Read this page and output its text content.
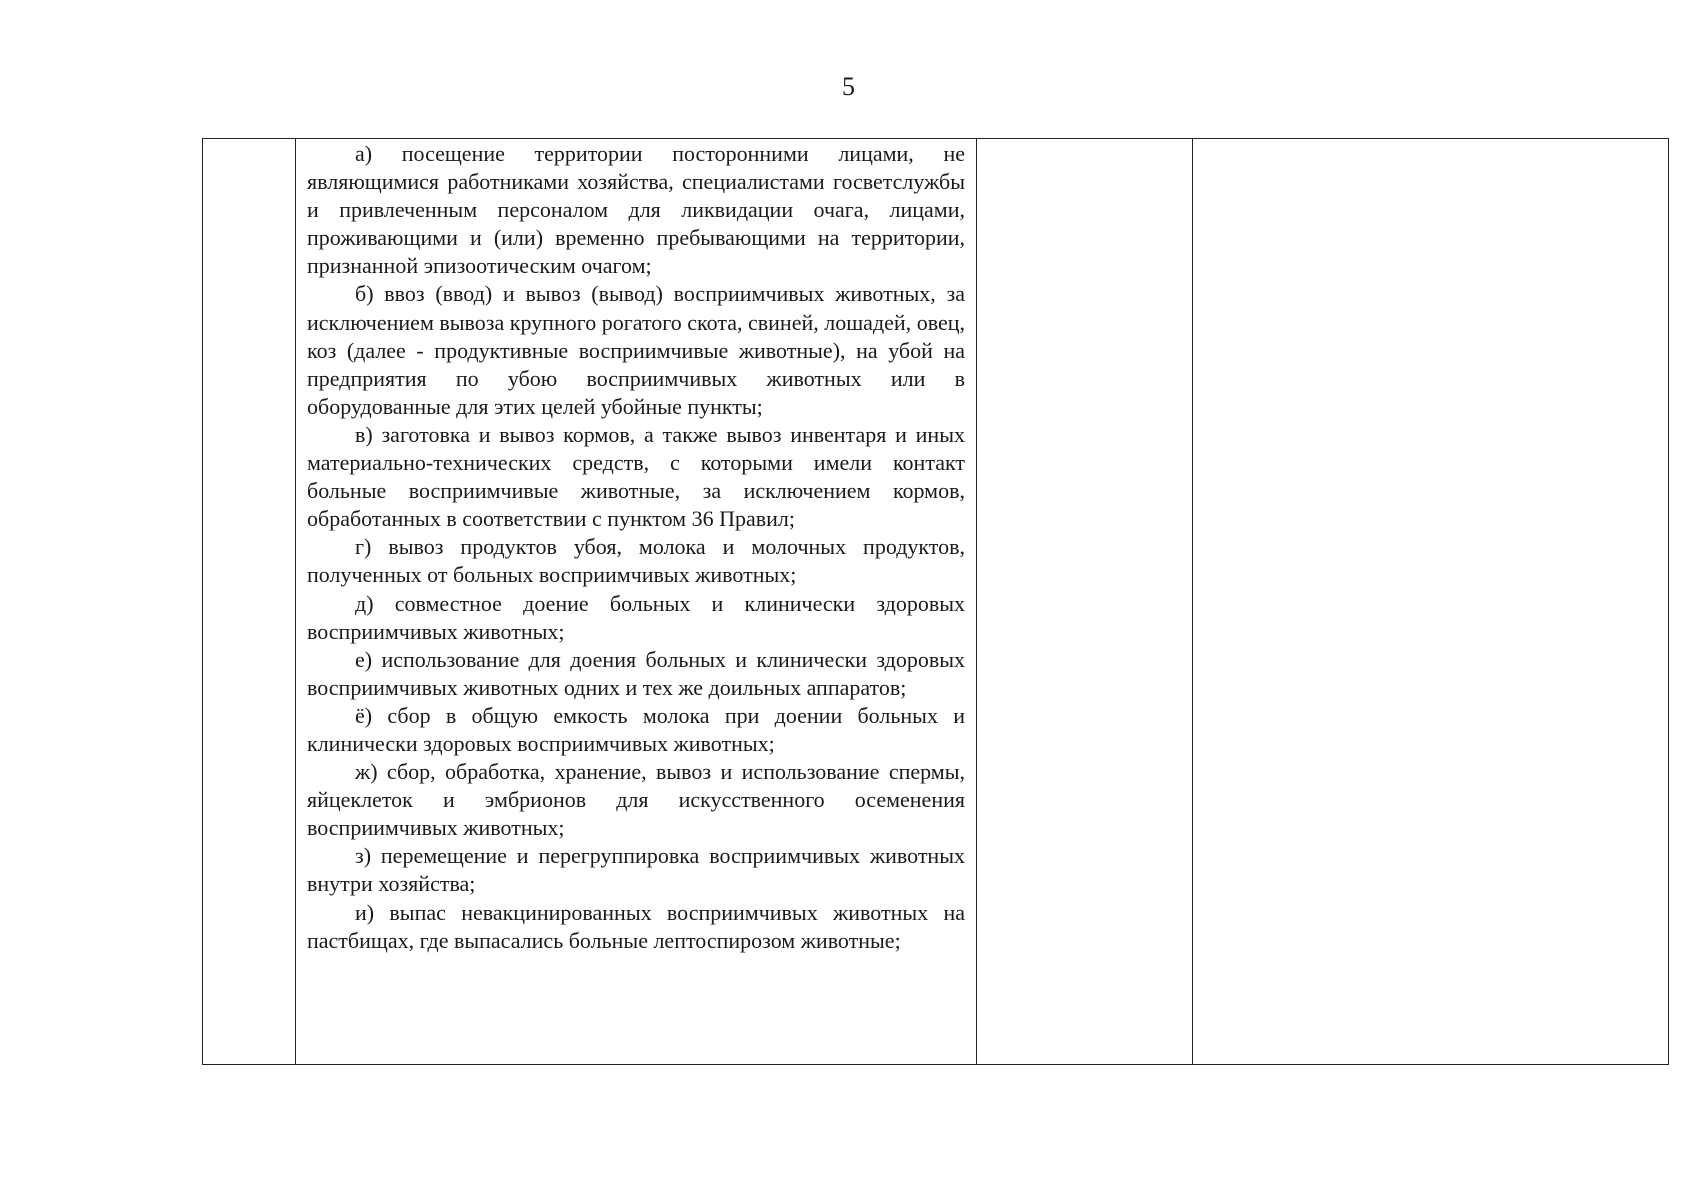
5

а) посещение территории посторонними лицами, не являющимися работниками хозяйства, специалистами госветслужбы и привлеченным персоналом для ликвидации очага, лицами, проживающими и (или) временно пребывающими на территории, признанной эпизоотическим очагом;

б) ввоз (ввод) и вывоз (вывод) восприимчивых животных, за исключением вывоза крупного рогатого скота, свиней, лошадей, овец, коз (далее - продуктивные восприимчивые животные), на убой на предприятия по убою восприимчивых животных или в оборудованные для этих целей убойные пункты;

в) заготовка и вывоз кормов, а также вывоз инвентаря и иных материально-технических средств, с которыми имели контакт больные восприимчивые животные, за исключением кормов, обработанных в соответствии с пунктом 36 Правил;

г) вывоз продуктов убоя, молока и молочных продуктов, полученных от больных восприимчивых животных;

д) совместное доение больных и клинически здоровых восприимчивых животных;

е) использование для доения больных и клинически здоровых восприимчивых животных одних и тех же доильных аппаратов;

ё) сбор в общую емкость молока при доении больных и клинически здоровых восприимчивых животных;

ж) сбор, обработка, хранение, вывоз и использование спермы, яйцеклеток и эмбрионов для искусственного осеменения восприимчивых животных;

з) перемещение и перегруппировка восприимчивых животных внутри хозяйства;

и) выпас невакцинированных восприимчивых животных на пастбищах, где выпасались больные лептоспирозом животные;
